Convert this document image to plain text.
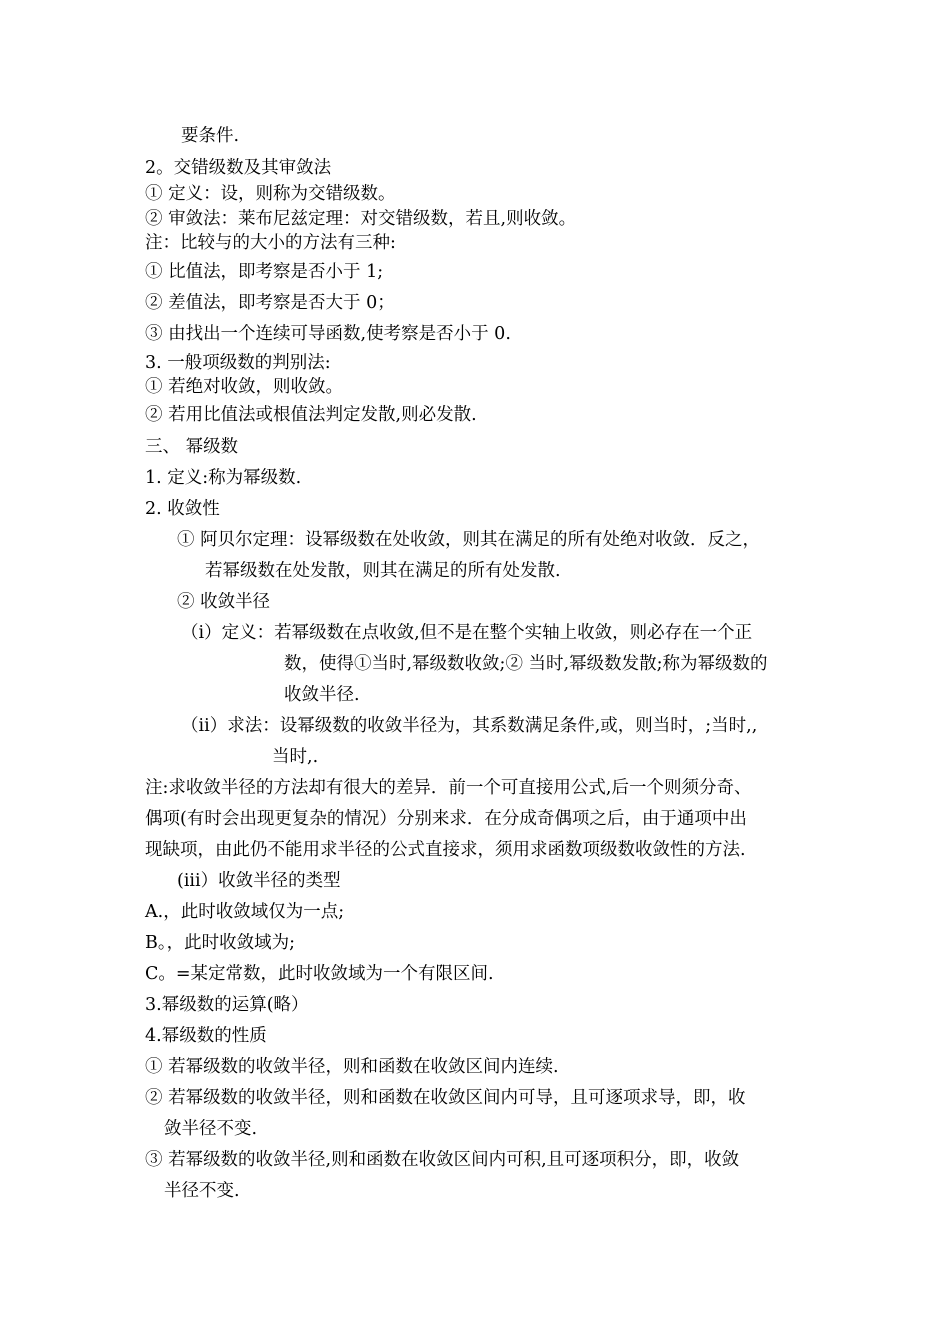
要条件.
2。交错级数及其审敛法
① 定义：设，则称为交错级数。
② 审敛法：莱布尼兹定理：对交错级数，若且,则收敛。
注：比较与的大小的方法有三种:
① 比值法，即考察是否小于 1;
② 差值法，即考察是否大于 0；
③ 由找出一个连续可导函数,使考察是否小于 0.
3. 一般项级数的判别法:
① 若绝对收敛，则收敛。
② 若用比值法或根值法判定发散,则必发散.
三、 幂级数
1. 定义:称为幂级数.
2. 收敛性
① 阿贝尔定理：设幂级数在处收敛，则其在满足的所有处绝对收敛．反之，
若幂级数在处发散，则其在满足的所有处发散.
② 收敛半径
（i）定义：若幂级数在点收敛,但不是在整个实轴上收敛，则必存在一个正
数，使得①当时,幂级数收敛;② 当时,幂级数发散;称为幂级数的
收敛半径.
（ii）求法：设幂级数的收敛半径为，其系数满足条件,或，则当时，;当时,,
当时,.
注:求收敛半径的方法却有很大的差异．前一个可直接用公式,后一个则须分奇、
偶项(有时会出现更复杂的情况）分别来求．在分成奇偶项之后，由于通项中出
现缺项，由此仍不能用求半径的公式直接求，须用求函数项级数收敛性的方法.
(iii）收敛半径的类型
A.，此时收敛域仅为一点;
B。，此时收敛域为;
C。=某定常数，此时收敛域为一个有限区间.
3.幂级数的运算(略）
4.幂级数的性质
① 若幂级数的收敛半径，则和函数在收敛区间内连续.
② 若幂级数的收敛半径，则和函数在收敛区间内可导，且可逐项求导，即，收
敛半径不变.
③ 若幂级数的收敛半径,则和函数在收敛区间内可积,且可逐项积分，即，收敛
半径不变.
